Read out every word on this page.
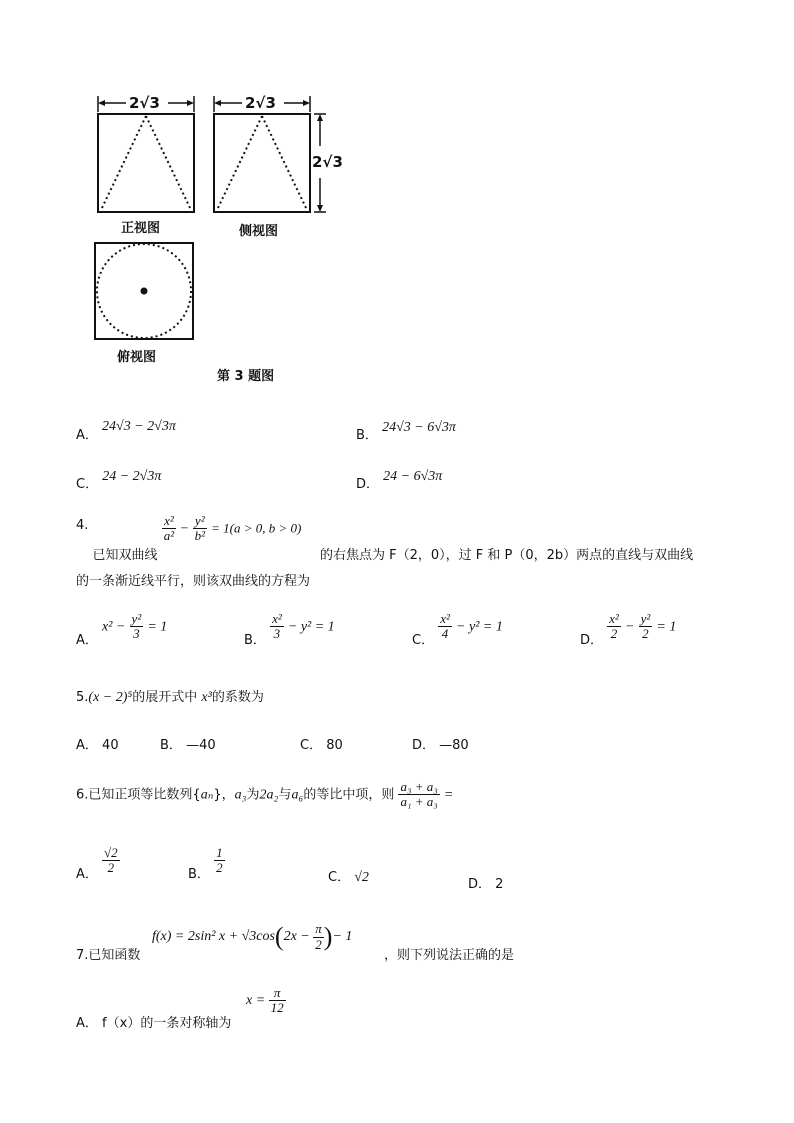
2√3	2√3
2√3
正视图	侧视图
俯视图
第 3 题图
A． 24√3 − 2√3π
B． 24√3 − 6√3π
C． 24 − 2√3π
D． 24 − 6√3π
4. 已知双曲线
$\frac{\text{x²}}{\text{a²}} - \frac{\text{y²}}{\text{b²}} = 1(a > 0$, b > 0)
的右焦点为 F（2，0），过 F 和 P（0，2b）两点的直线与双曲线
的一条渐近线平行，则该双曲线的方程为
A． $x^2 - \frac{\text{y²}}{3} = 1$
B． $\frac{\text{x²}}{3} - y^2 = 1$
C． $\frac{\text{x²}}{4} - y^2 = 1$
D． $\frac{\text{x²}}{2} - \frac{\text{y²}}{2} = 1$
5.(x − 2)⁵的展开式中 x³的系数为
A． 40	B． —40	C． 80	D． —80
6.已知正项等比数列{aₙ}，a₃为2a₂与a₆的等比中项，则 $\frac{\text{a₃ + a₃}}{\text{a₁ + a₃}}$ =
A． $\frac{√2}{2}$	B． $\frac{1}{2}$
C． √2	D． 2
f(x) = 2sin² $x + √3\cos(2x - \frac{\pi}{2}$ )− 1
7.已知函数	，则下列说法正确的是
A． f（x）的一条对称轴为
$x = \frac{\pi}{12}$
